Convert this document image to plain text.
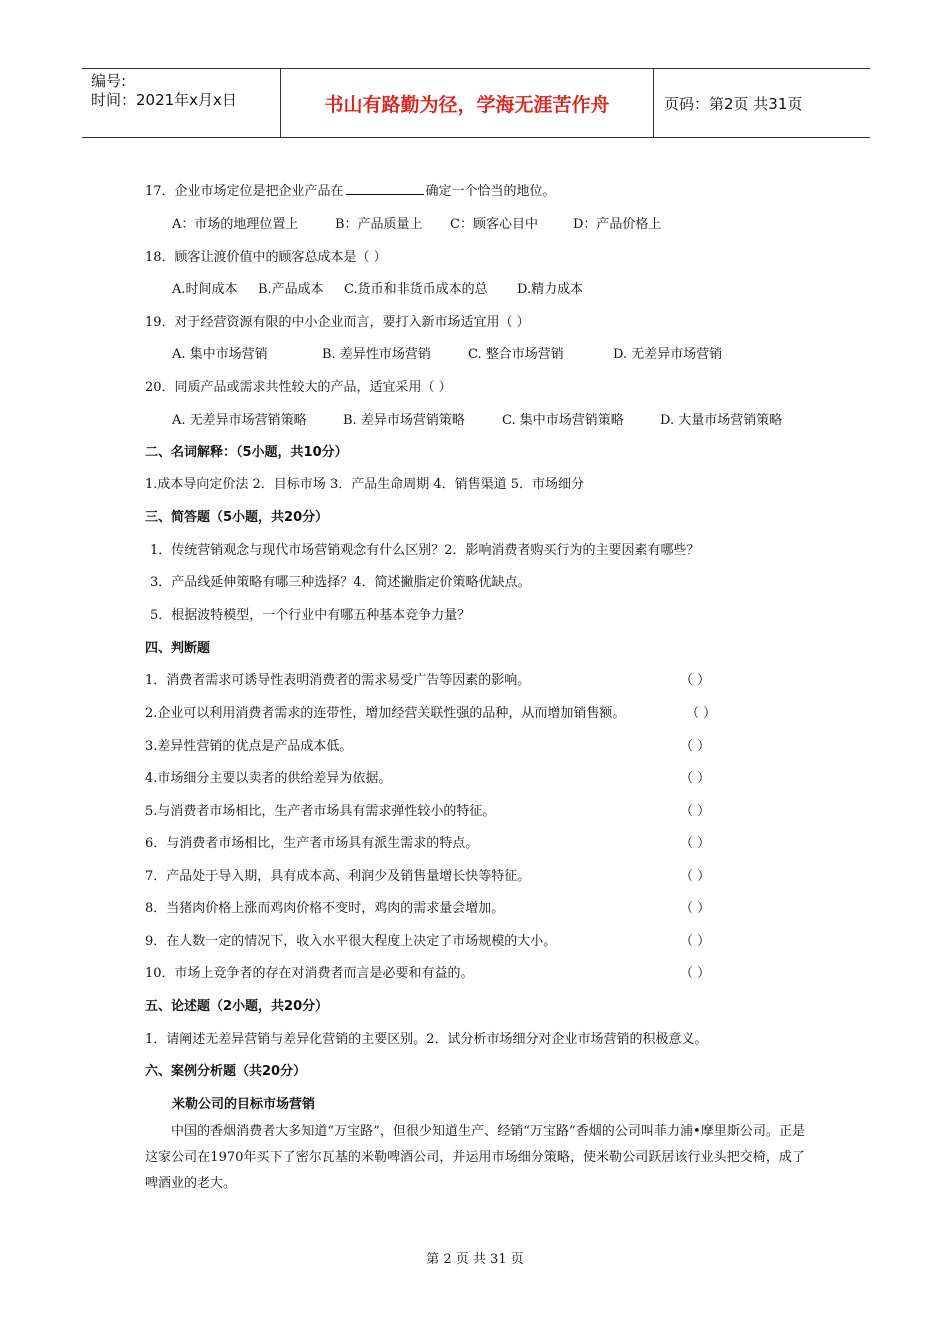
编号:
时间：2021年x月x日	书山有路勤为径，学海无涯苦作舟	页码：第2页 共31页
17．企业市场定位是把企业产品在	确定一个恰当的地位。
A：市场的地理位置上	B：产品质量上 C：顾客心目中	D：产品价格上
18．顾客让渡价值中的顾客总成本是（ ）
A.时间成本 B.产品成本 C.货币和非货币成本的总 D.精力成本
19．对于经营资源有限的中小企业而言，要打入新市场适宜用（ ）
A. 集中市场营销	B. 差异性市场营销	C. 整合市场营销	D. 无差异市场营销
20．同质产品或需求共性较大的产品，适宜采用（ ）
A. 无差异市场营销策略	B. 差异市场营销策略	C. 集中市场营销策略	D. 大量市场营销策略
二、名词解释：（5小题，共10分）
1.成本导向定价法 2．目标市场 3．产品生命周期 4．销售渠道 5．市场细分
三、简答题（5小题，共20分）
1．传统营销观念与现代市场营销观念有什么区别？2．影响消费者购买行为的主要因素有哪些？
3．产品线延伸策略有哪三种选择？4．简述撇脂定价策略优缺点。
5．根据波特模型，一个行业中有哪五种基本竞争力量？
四、判断题
1．消费者需求可诱导性表明消费者的需求易受广告等因素的影响。	（ ）
2.企业可以利用消费者需求的连带性，增加经营关联性强的品种，从而增加销售额。	（ ）
3.差异性营销的优点是产品成本低。	（ ）
4.市场细分主要以卖者的供给差异为依据。	（ ）
5.与消费者市场相比，生产者市场具有需求弹性较小的特征。	（ ）
6．与消费者市场相比，生产者市场具有派生需求的特点。	（ ）
7．产品处于导入期，具有成本高、利润少及销售量增长快等特征。	（ ）
8．当猪肉价格上涨而鸡肉价格不变时，鸡肉的需求量会增加。	（ ）
9．在人数一定的情况下，收入水平很大程度上决定了市场规模的大小。	（ ）
10．市场上竞争者的存在对消费者而言是必要和有益的。	（ ）
五、论述题（2小题，共20分）
1．请阐述无差异营销与差异化营销的主要区别。2．试分析市场细分对企业市场营销的积极意义。
六、案例分析题（共20分）
米勒公司的目标市场营销
中国的香烟消费者大多知道“万宝路”，但很少知道生产、经销“万宝路”香烟的公司叫菲力浦•摩里斯公司。正是这家公司在1970年买下了密尔瓦基的米勒啤酒公司，并运用市场细分策略，使米勒公司跃居该行业头把交椅，成了啤酒业的老大。
第 2 页 共 31 页
